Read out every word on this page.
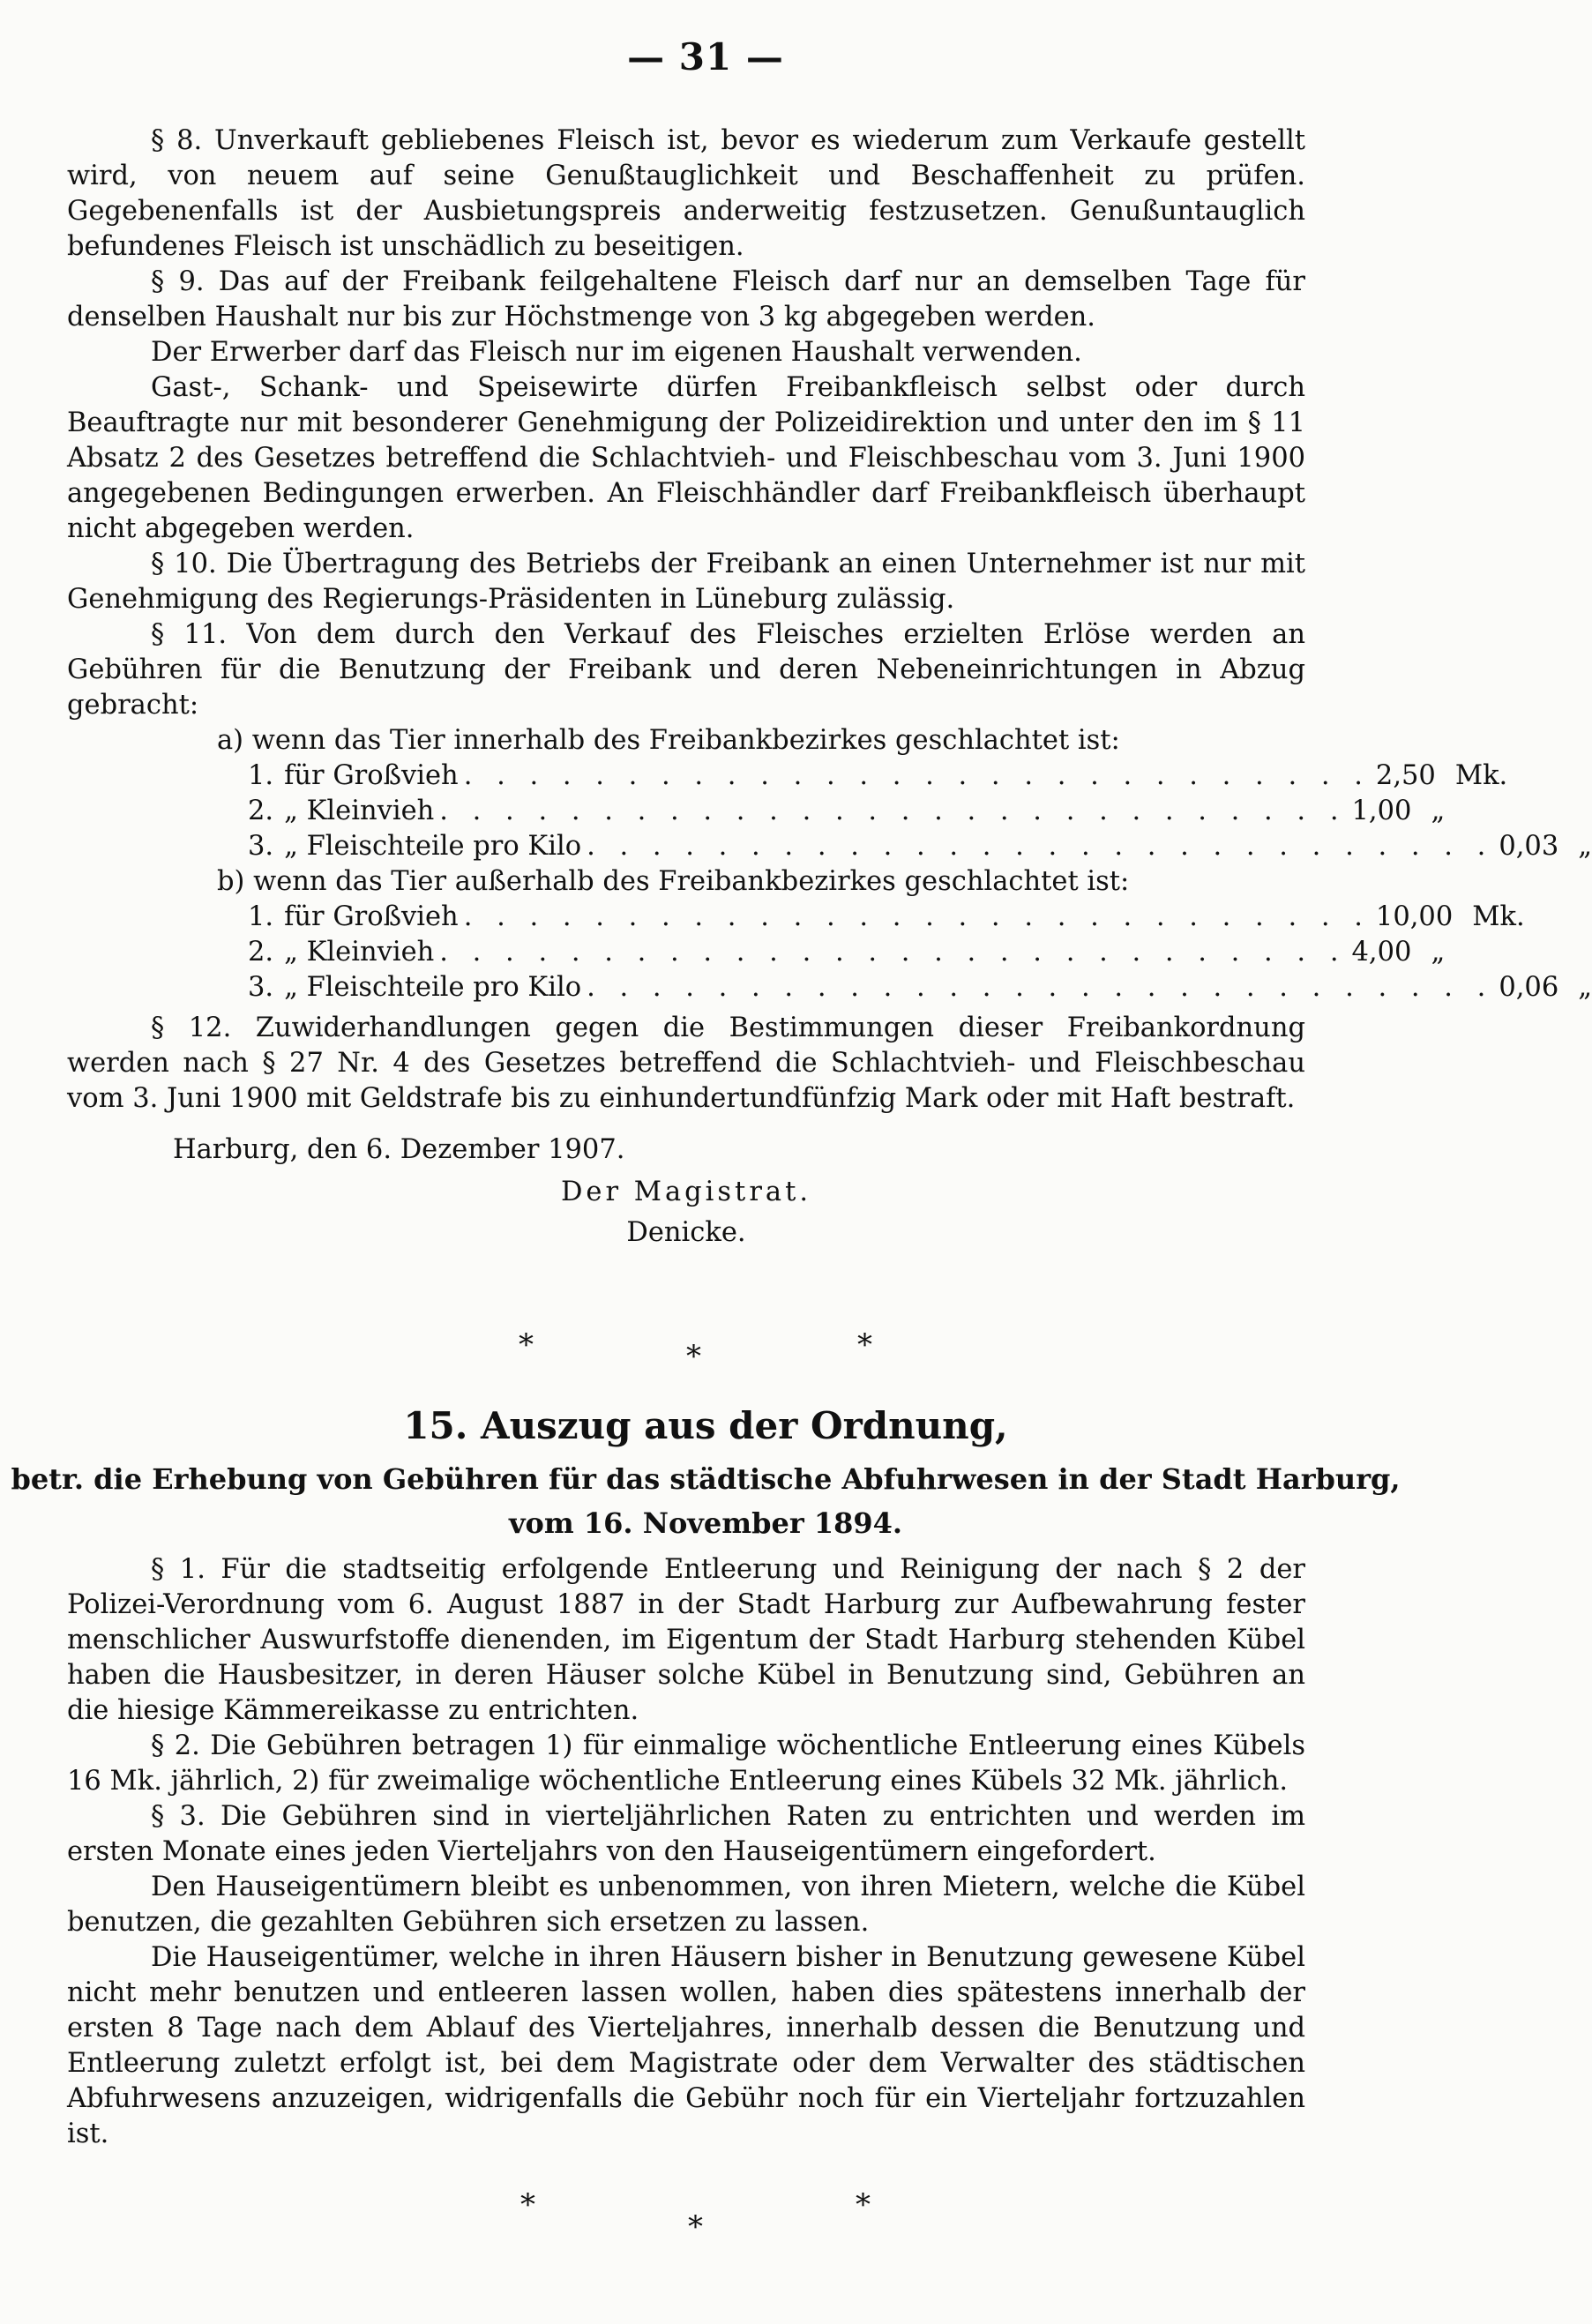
— 31 —

§ 8. Unverkauft gebliebenes Fleisch ist, bevor es wiederum zum Verkaufe gestellt wird, von neuem auf seine Genußtauglichkeit und Beschaffenheit zu prüfen. Gegebenenfalls ist der Ausbietungspreis anderweitig festzusetzen. Genußuntauglich befundenes Fleisch ist unschädlich zu beseitigen.

§ 9. Das auf der Freibank feilgehaltene Fleisch darf nur an demselben Tage für denselben Haushalt nur bis zur Höchstmenge von 3 kg abgegeben werden.

Der Erwerber darf das Fleisch nur im eigenen Haushalt verwenden.

Gast-, Schank- und Speisewirte dürfen Freibankfleisch selbst oder durch Beauftragte nur mit besonderer Genehmigung der Polizeidirektion und unter den im § 11 Absatz 2 des Gesetzes betreffend die Schlachtvieh- und Fleischbeschau vom 3. Juni 1900 angegebenen Bedingungen erwerben. An Fleischhändler darf Freibankfleisch überhaupt nicht abgegeben werden.

§ 10. Die Übertragung des Betriebs der Freibank an einen Unternehmer ist nur mit Genehmigung des Regierungs-Präsidenten in Lüneburg zulässig.

§ 11. Von dem durch den Verkauf des Fleisches erzielten Erlöse werden an Gebühren für die Benutzung der Freibank und deren Nebeneinrichtungen in Abzug gebracht:

a) wenn das Tier innerhalb des Freibankbezirkes geschlachtet ist:

1. für Großvieh . . . . . . . . . . . . . . . . . . . . . . . . . . . . 2,50 Mk.
2. „ Kleinvieh . . . . . . . . . . . . . . . . . . . . . . . . . . . . 1,00 „
3. „ Fleischteile pro Kilo . . . . . . . . . . . . . . . . . . . . . . . . . . . . 0,03 „

b) wenn das Tier außerhalb des Freibankbezirkes geschlachtet ist:

1. für Großvieh . . . . . . . . . . . . . . . . . . . . . . . . . . . . 10,00 Mk.
2. „ Kleinvieh . . . . . . . . . . . . . . . . . . . . . . . . . . . . 4,00 „
3. „ Fleischteile pro Kilo . . . . . . . . . . . . . . . . . . . . . . . . . . . . 0,06 „

§ 12. Zuwiderhandlungen gegen die Bestimmungen dieser Freibankordnung werden nach § 27 Nr. 4 des Gesetzes betreffend die Schlachtvieh- und Fleischbeschau vom 3. Juni 1900 mit Geldstrafe bis zu einhundertundfünfzig Mark oder mit Haft bestraft.

Harburg, den 6. Dezember 1907.

Der Magistrat.

Denicke.

*	*	*
15. Auszug aus der Ordnung,
betr. die Erhebung von Gebühren für das städtische Abfuhrwesen in der Stadt Harburg,
vom 16. November 1894.

§ 1. Für die stadtseitig erfolgende Entleerung und Reinigung der nach § 2 der Polizei-Verordnung vom 6. August 1887 in der Stadt Harburg zur Aufbewahrung fester menschlicher Auswurfstoffe dienenden, im Eigentum der Stadt Harburg stehenden Kübel haben die Hausbesitzer, in deren Häuser solche Kübel in Benutzung sind, Gebühren an die hiesige Kämmereikasse zu entrichten.

§ 2. Die Gebühren betragen 1) für einmalige wöchentliche Entleerung eines Kübels 16 Mk. jährlich, 2) für zweimalige wöchentliche Entleerung eines Kübels 32 Mk. jährlich.

§ 3. Die Gebühren sind in vierteljährlichen Raten zu entrichten und werden im ersten Monate eines jeden Vierteljahrs von den Hauseigentümern eingefordert.

Den Hauseigentümern bleibt es unbenommen, von ihren Mietern, welche die Kübel benutzen, die gezahlten Gebühren sich ersetzen zu lassen.

Die Hauseigentümer, welche in ihren Häusern bisher in Benutzung gewesene Kübel nicht mehr benutzen und entleeren lassen wollen, haben dies spätestens innerhalb der ersten 8 Tage nach dem Ablauf des Vierteljahres, innerhalb dessen die Benutzung und Entleerung zuletzt erfolgt ist, bei dem Magistrate oder dem Verwalter des städtischen Abfuhrwesens anzuzeigen, widrigenfalls die Gebühr noch für ein Vierteljahr fortzuzahlen ist.

*
*
*
